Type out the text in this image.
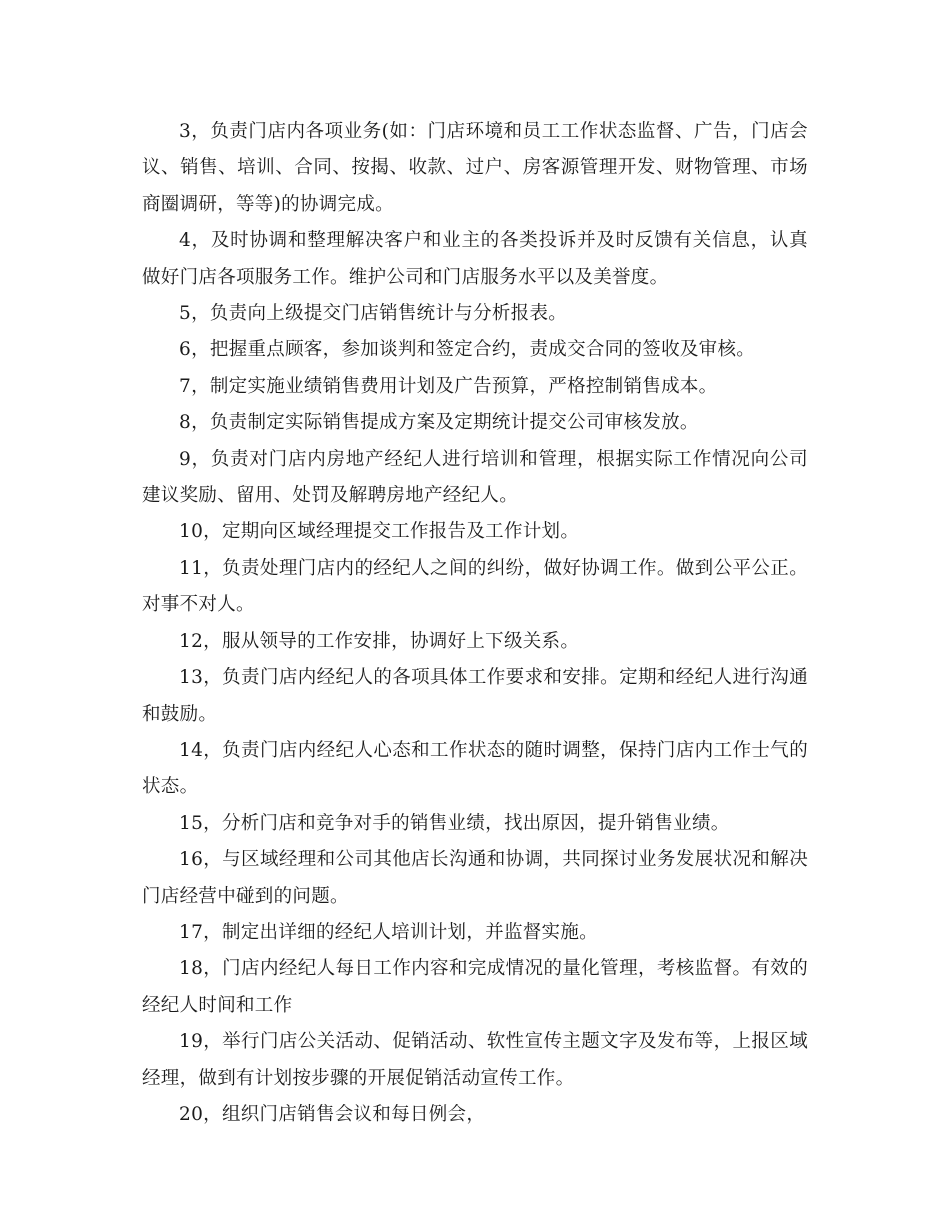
3，负责门店内各项业务(如：门店环境和员工工作状态监督、广告，门店会议、销售、培训、合同、按揭、收款、过户、房客源管理开发、财物管理、市场商圈调研，等等)的协调完成。

4，及时协调和整理解决客户和业主的各类投诉并及时反馈有关信息，认真做好门店各项服务工作。维护公司和门店服务水平以及美誉度。

5，负责向上级提交门店销售统计与分析报表。

6，把握重点顾客，参加谈判和签定合约，责成交合同的签收及审核。

7，制定实施业绩销售费用计划及广告预算，严格控制销售成本。

8，负责制定实际销售提成方案及定期统计提交公司审核发放。

9，负责对门店内房地产经纪人进行培训和管理，根据实际工作情况向公司建议奖励、留用、处罚及解聘房地产经纪人。

10，定期向区域经理提交工作报告及工作计划。

11，负责处理门店内的经纪人之间的纠纷，做好协调工作。做到公平公正。对事不对人。

12，服从领导的工作安排，协调好上下级关系。

13，负责门店内经纪人的各项具体工作要求和安排。定期和经纪人进行沟通和鼓励。

14，负责门店内经纪人心态和工作状态的随时调整，保持门店内工作士气的状态。

15，分析门店和竞争对手的销售业绩，找出原因，提升销售业绩。

16，与区域经理和公司其他店长沟通和协调，共同探讨业务发展状况和解决门店经营中碰到的问题。

17，制定出详细的经纪人培训计划，并监督实施。

18，门店内经纪人每日工作内容和完成情况的量化管理，考核监督。有效的经纪人时间和工作

19，举行门店公关活动、促销活动、软性宣传主题文字及发布等，上报区域经理，做到有计划按步骤的开展促销活动宣传工作。

20，组织门店销售会议和每日例会，
